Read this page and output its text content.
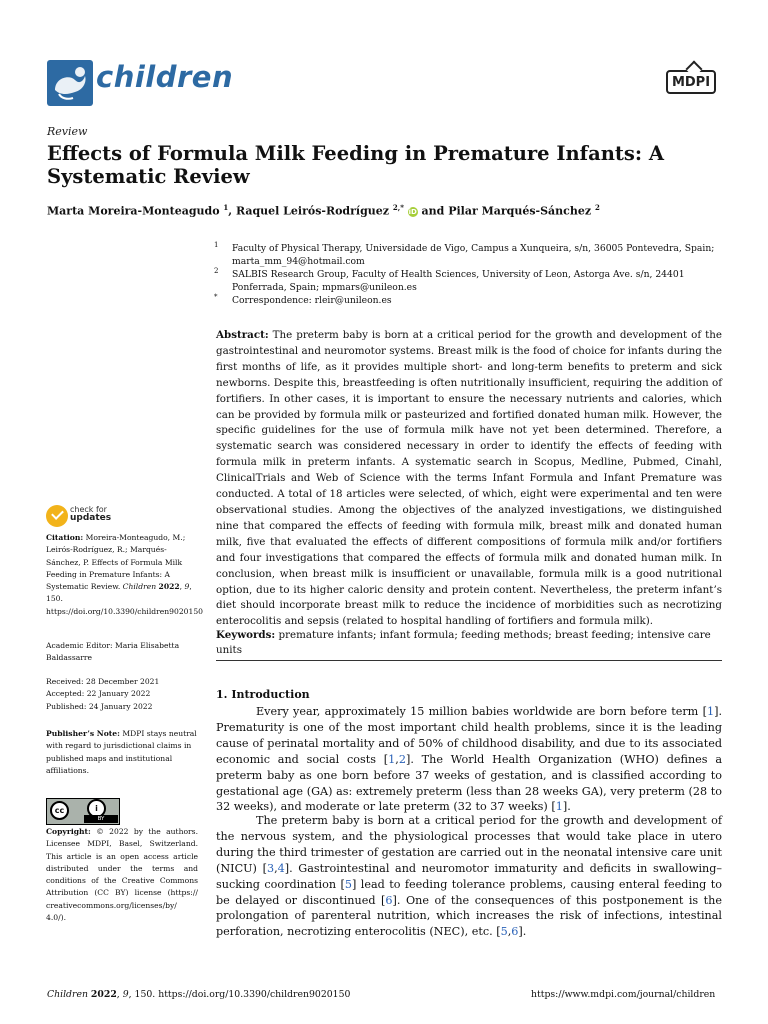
children	MDPI
Review
Effects of Formula Milk Feeding in Premature Infants: A Systematic Review
Marta Moreira-Monteagudo $^1$, Raquel Leirós-Rodríguez $^{2,*}$ iD and Pilar Marqués-Sánchez $^2$
1 Faculty of Physical Therapy, Universidade de Vigo, Campus a Xunqueira, s/n, 36005 Pontevedra, Spain; marta_mm_94@hotmail.com
2 SALBIS Research Group, Faculty of Health Sciences, University of Leon, Astorga Ave. s/n, 24401 Ponferrada, Spain; mpmars@unileon.es
* Correspondence: rleir@unileon.es
Abstract: The preterm baby is born at a critical period for the growth and development of the gastrointestinal and neuromotor systems. Breast milk is the food of choice for infants during the first months of life, as it provides multiple short- and long-term benefits to preterm and sick newborns. Despite this, breastfeeding is often nutritionally insufficient, requiring the addition of fortifiers. In other cases, it is important to ensure the necessary nutrients and calories, which can be provided by formula milk or pasteurized and fortified donated human milk. However, the specific guidelines for the use of formula milk have not yet been determined. Therefore, a systematic search was considered necessary in order to identify the effects of feeding with formula milk in preterm infants. A systematic search in Scopus, Medline, Pubmed, Cinahl, ClinicalTrials and Web of Science with the terms Infant Formula and Infant Premature was conducted. A total of 18 articles were selected, of which, eight were experimental and ten were observational studies. Among the objectives of the analyzed investigations, we distinguished nine that compared the effects of feeding with formula milk, breast milk and donated human milk, five that evaluated the effects of different compositions of formula milk and/or fortifiers and four investigations that compared the effects of formula milk and donated human milk. In conclusion, when breast milk is insufficient or unavailable, formula milk is a good nutritional option, due to its higher caloric density and protein content. Nevertheless, the preterm infant’s diet should incorporate breast milk to reduce the incidence of morbidities such as necrotizing enterocolitis and sepsis (related to hospital handling of fortifiers and formula milk).
Keywords: premature infants; infant formula; feeding methods; breast feeding; intensive care units
check for
updates
Citation: Moreira-Monteagudo, M.; Leirós-Rodríguez, R.; Marqués-Sánchez, P. Effects of Formula Milk Feeding in Premature Infants: A Systematic Review. Children 2022, 9, 150. https://doi.org/10.3390/children9020150
Academic Editor: Maria Elisabetta Baldassarre
Received: 28 December 2021
Accepted: 22 January 2022
Published: 24 January 2022
Publisher’s Note: MDPI stays neutral with regard to jurisdictional claims in published maps and institutional affiliations.
cc	i
BY
Copyright: © 2022 by the authors. Licensee MDPI, Basel, Switzerland. This article is an open access article distributed under the terms and conditions of the Creative Commons Attribution (CC BY) license (https:// creativecommons.org/licenses/by/ 4.0/).
1. Introduction
Every year, approximately 15 million babies worldwide are born before term [1]. Prematurity is one of the most important child health problems, since it is the leading cause of perinatal mortality and of 50% of childhood disability, and due to its associated economic and social costs [1,2]. The World Health Organization (WHO) defines a preterm baby as one born before 37 weeks of gestation, and is classified according to gestational age (GA) as: extremely preterm (less than 28 weeks GA), very preterm (28 to 32 weeks), and moderate or late preterm (32 to 37 weeks) [1].
The preterm baby is born at a critical period for the growth and development of the nervous system, and the physiological processes that would take place in utero during the third trimester of gestation are carried out in the neonatal intensive care unit (NICU) [3,4]. Gastrointestinal and neuromotor immaturity and deficits in swallowing–sucking coordination [5] lead to feeding tolerance problems, causing enteral feeding to be delayed or discontinued [6]. One of the consequences of this postponement is the prolongation of parenteral nutrition, which increases the risk of infections, intestinal perforation, necrotizing enterocolitis (NEC), etc. [5,6].
Children 2022, 9, 150. https://doi.org/10.3390/children9020150	https://www.mdpi.com/journal/children
